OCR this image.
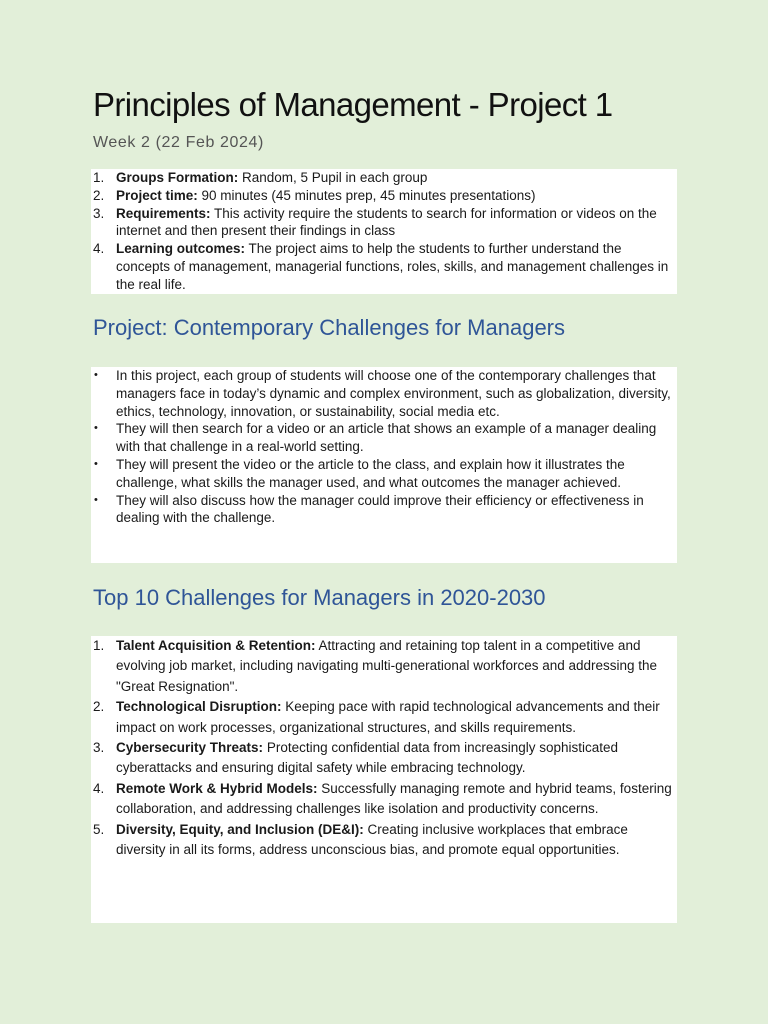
Principles of Management - Project 1
Week 2 (22 Feb 2024)
1. Groups Formation: Random, 5 Pupil in each group
2. Project time: 90 minutes (45 minutes prep, 45 minutes presentations)
3. Requirements: This activity require the students to search for information or videos on the internet and then present their findings in class
4. Learning outcomes: The project aims to help the students to further understand the concepts of management, managerial functions, roles, skills, and management challenges in the real life.
Project: Contemporary Challenges for Managers
• In this project, each group of students will choose one of the contemporary challenges that managers face in today’s dynamic and complex environment, such as globalization, diversity, ethics, technology, innovation, or sustainability, social media etc.
• They will then search for a video or an article that shows an example of a manager dealing with that challenge in a real-world setting.
• They will present the video or the article to the class, and explain how it illustrates the challenge, what skills the manager used, and what outcomes the manager achieved.
• They will also discuss how the manager could improve their efficiency or effectiveness in dealing with the challenge.
Top 10 Challenges for Managers in 2020-2030
1. Talent Acquisition & Retention: Attracting and retaining top talent in a competitive and evolving job market, including navigating multi-generational workforces and addressing the "Great Resignation".
2. Technological Disruption: Keeping pace with rapid technological advancements and their impact on work processes, organizational structures, and skills requirements.
3. Cybersecurity Threats: Protecting confidential data from increasingly sophisticated cyberattacks and ensuring digital safety while embracing technology.
4. Remote Work & Hybrid Models: Successfully managing remote and hybrid teams, fostering collaboration, and addressing challenges like isolation and productivity concerns.
5. Diversity, Equity, and Inclusion (DE&I): Creating inclusive workplaces that embrace diversity in all its forms, address unconscious bias, and promote equal opportunities.
